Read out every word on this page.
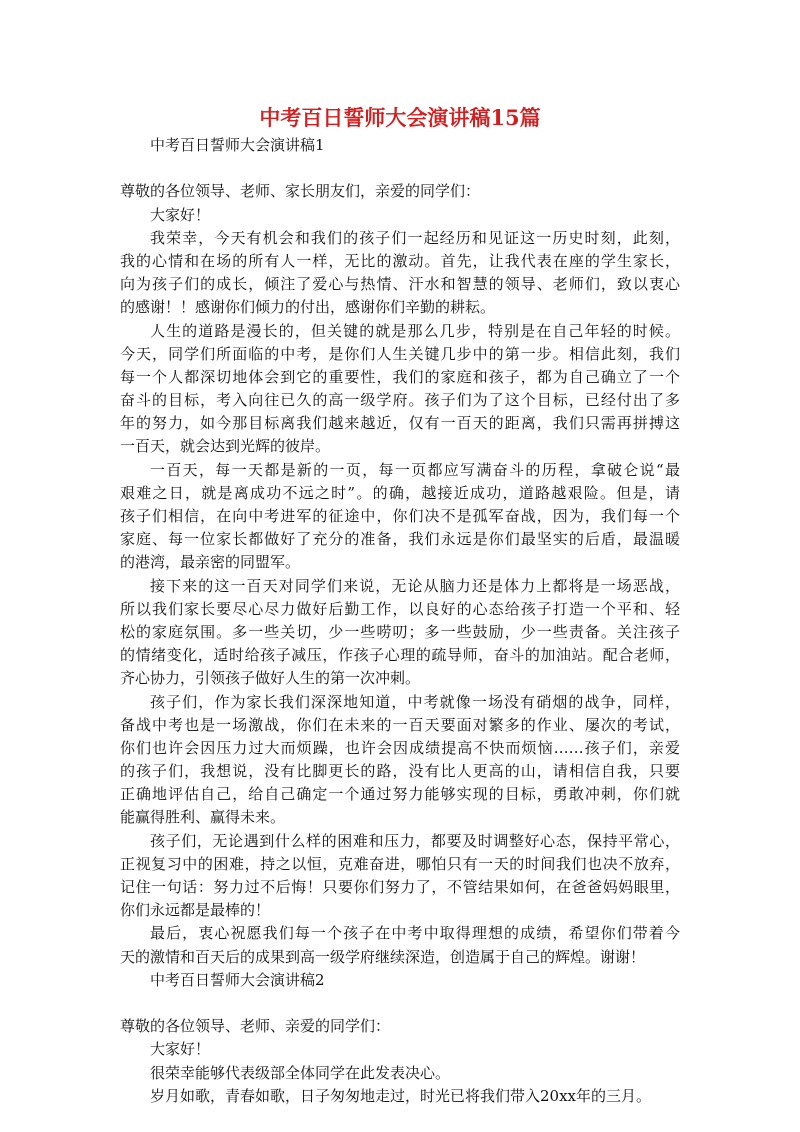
中考百日誓师大会演讲稿15篇

中考百日誓师大会演讲稿1

尊敬的各位领导、老师、家长朋友们，亲爱的同学们：

大家好！

我荣幸，今天有机会和我们的孩子们一起经历和见证这一历史时刻，此刻，

我的心情和在场的所有人一样，无比的激动。首先，让我代表在座的学生家长，

向为孩子们的成长，倾注了爱心与热情、汗水和智慧的领导、老师们，致以衷心

的感谢！！感谢你们倾力的付出，感谢你们辛勤的耕耘。

人生的道路是漫长的，但关键的就是那么几步，特别是在自己年轻的时候。

今天，同学们所面临的中考，是你们人生关键几步中的第一步。相信此刻，我们

每一个人都深切地体会到它的重要性，我们的家庭和孩子，都为自己确立了一个

奋斗的目标，考入向往已久的高一级学府。孩子们为了这个目标，已经付出了多

年的努力，如今那目标离我们越来越近，仅有一百天的距离，我们只需再拼搏这

一百天，就会达到光辉的彼岸。

一百天，每一天都是新的一页，每一页都应写满奋斗的历程，拿破仑说“最

艰难之日，就是离成功不远之时”。的确，越接近成功，道路越艰险。但是，请

孩子们相信，在向中考进军的征途中，你们决不是孤军奋战，因为，我们每一个

家庭、每一位家长都做好了充分的准备，我们永远是你们最坚实的后盾，最温暖

的港湾，最亲密的同盟军。

接下来的这一百天对同学们来说，无论从脑力还是体力上都将是一场恶战，

所以我们家长要尽心尽力做好后勤工作，以良好的心态给孩子打造一个平和、轻

松的家庭氛围。多一些关切，少一些唠叨；多一些鼓励，少一些责备。关注孩子

的情绪变化，适时给孩子减压，作孩子心理的疏导师，奋斗的加油站。配合老师，

齐心协力，引领孩子做好人生的第一次冲刺。

孩子们，作为家长我们深深地知道，中考就像一场没有硝烟的战争，同样，

备战中考也是一场激战，你们在未来的一百天要面对繁多的作业、屡次的考试，

你们也许会因压力过大而烦躁，也许会因成绩提高不快而烦恼……孩子们，亲爱

的孩子们，我想说，没有比脚更长的路，没有比人更高的山，请相信自我，只要

正确地评估自己，给自己确定一个通过努力能够实现的目标，勇敢冲刺，你们就

能赢得胜利、赢得未来。

孩子们，无论遇到什么样的困难和压力，都要及时调整好心态，保持平常心，

正视复习中的困难，持之以恒，克难奋进，哪怕只有一天的时间我们也决不放弃，

记住一句话：努力过不后悔！只要你们努力了，不管结果如何，在爸爸妈妈眼里，

你们永远都是最棒的！

最后，衷心祝愿我们每一个孩子在中考中取得理想的成绩，希望你们带着今

天的激情和百天后的成果到高一级学府继续深造，创造属于自己的辉煌。谢谢！

中考百日誓师大会演讲稿2

尊敬的各位领导、老师、亲爱的同学们：

大家好！

很荣幸能够代表级部全体同学在此发表决心。

岁月如歌，青春如歌，日子匆匆地走过，时光已将我们带入20xx年的三月。
